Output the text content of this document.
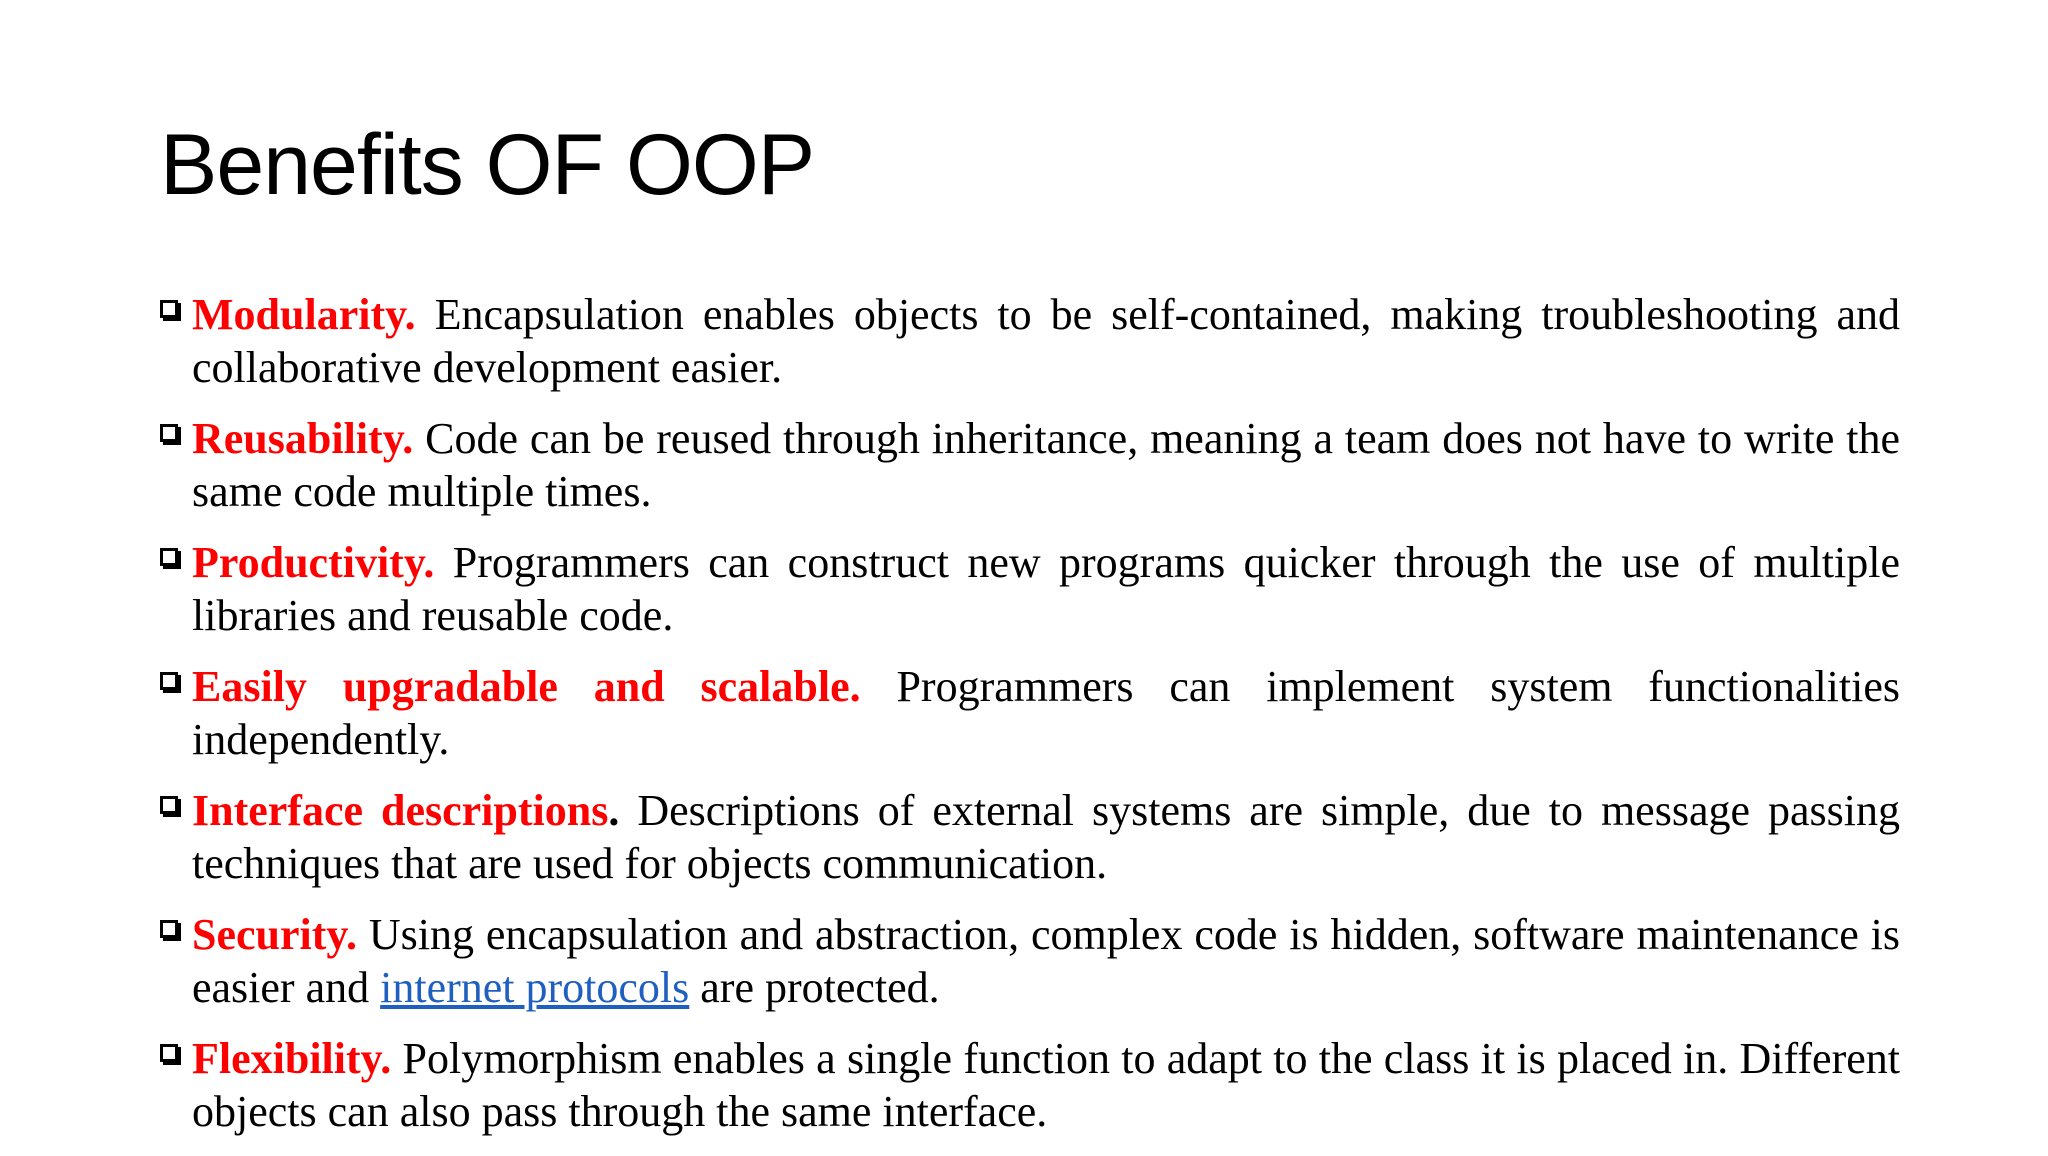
Benefits OF OOP
Modularity. Encapsulation enables objects to be self-contained, making troubleshooting and collaborative development easier.
Reusability. Code can be reused through inheritance, meaning a team does not have to write the same code multiple times.
Productivity. Programmers can construct new programs quicker through the use of multiple libraries and reusable code.
Easily upgradable and scalable. Programmers can implement system functionalities independently.
Interface descriptions. Descriptions of external systems are simple, due to message passing techniques that are used for objects communication.
Security. Using encapsulation and abstraction, complex code is hidden, software maintenance is easier and internet protocols are protected.
Flexibility. Polymorphism enables a single function to adapt to the class it is placed in. Different objects can also pass through the same interface.
